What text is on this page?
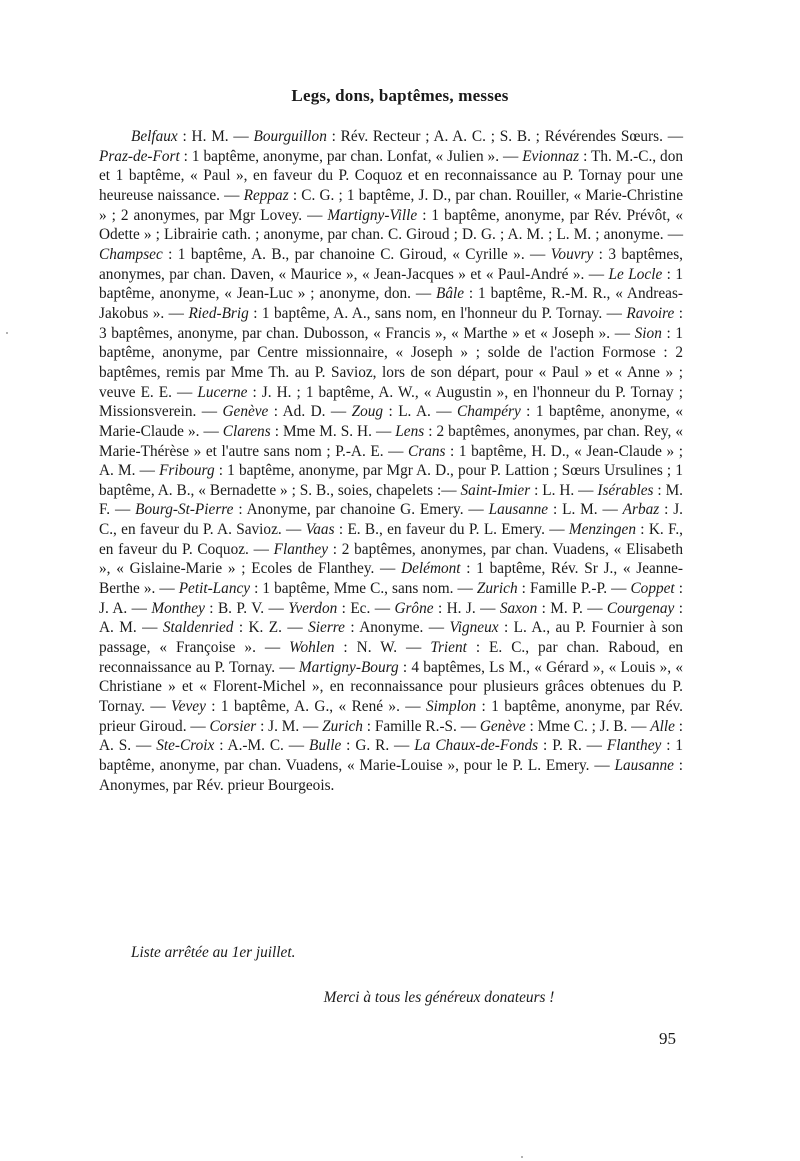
Legs, dons, baptêmes, messes

Belfaux : H. M. — Bourguillon : Rév. Recteur ; A. A. C. ; S. B. ; Révérendes Sœurs. — Praz-de-Fort : 1 baptême, anonyme, par chan. Lonfat, « Julien ». — Evionnaz : Th. M.-C., don et 1 baptême, « Paul », en faveur du P. Coquoz et en reconnaissance au P. Tornay pour une heureuse naissance. — Reppaz : C. G. ; 1 baptême, J. D., par chan. Rouiller, « Marie-Christine » ; 2 anonymes, par Mgr Lovey. — Martigny-Ville : 1 baptême, anonyme, par Rév. Prévôt, « Odette » ; Librairie cath. ; anonyme, par chan. C. Giroud ; D. G. ; A. M. ; L. M. ; anonyme. — Champsec : 1 baptême, A. B., par chanoine C. Giroud, « Cyrille ». — Vouvry : 3 baptêmes, anonymes, par chan. Daven, « Maurice », « Jean-Jacques » et « Paul-André ». — Le Locle : 1 baptême, anonyme, « Jean-Luc » ; anonyme, don. — Bâle : 1 baptême, R.-M. R., « Andreas-Jakobus ». — Ried-Brig : 1 baptême, A. A., sans nom, en l'honneur du P. Tornay. — Ravoire : 3 baptêmes, anonyme, par chan. Dubosson, « Francis », « Marthe » et « Joseph ». — Sion : 1 baptême, anonyme, par Centre missionnaire, « Joseph » ; solde de l'action Formose : 2 baptêmes, remis par Mme Th. au P. Savioz, lors de son départ, pour « Paul » et « Anne » ; veuve E. E. — Lucerne : J. H. ; 1 baptême, A. W., « Augustin », en l'honneur du P. Tornay ; Missionsverein. — Genève : Ad. D. — Zoug : L. A. — Champéry : 1 baptême, anonyme, « Marie-Claude ». — Clarens : Mme M. S. H. — Lens : 2 baptêmes, anonymes, par chan. Rey, « Marie-Thérèse » et l'autre sans nom ; P.-A. E. — Crans : 1 baptême, H. D., « Jean-Claude » ; A. M. — Fribourg : 1 baptême, anonyme, par Mgr A. D., pour P. Lattion ; Sœurs Ursulines ; 1 baptême, A. B., « Bernadette » ; S. B., soies, chapelets :— Saint-Imier : L. H. — Isérables : M. F. — Bourg-St-Pierre : Anonyme, par chanoine G. Emery. — Lausanne : L. M. — Arbaz : J. C., en faveur du P. A. Savioz. — Vaas : E. B., en faveur du P. L. Emery. — Menzingen : K. F., en faveur du P. Coquoz. — Flanthey : 2 baptêmes, anonymes, par chan. Vuadens, « Elisabeth », « Gislaine-Marie » ; Ecoles de Flanthey. — Delémont : 1 baptême, Rév. Sr J., « Jeanne-Berthe ». — Petit-Lancy : 1 baptême, Mme C., sans nom. — Zurich : Famille P.-P. — Coppet : J. A. — Monthey : B. P. V. — Yverdon : Ec. — Grône : H. J. — Saxon : M. P. — Courgenay : A. M. — Staldenried : K. Z. — Sierre : Anonyme. — Vigneux : L. A., au P. Fournier à son passage, « Françoise ». — Wohlen : N. W. — Trient : E. C., par chan. Raboud, en reconnaissance au P. Tornay. — Martigny-Bourg : 4 baptêmes, Ls M., « Gérard », « Louis », « Christiane » et « Florent-Michel », en reconnaissance pour plusieurs grâces obtenues du P. Tornay. — Vevey : 1 baptême, A. G., « René ». — Simplon : 1 baptême, anonyme, par Rév. prieur Giroud. — Corsier : J. M. — Zurich : Famille R.-S. — Genève : Mme C. ; J. B. — Alle : A. S. — Ste-Croix : A.-M. C. — Bulle : G. R. — La Chaux-de-Fonds : P. R. — Flanthey : 1 baptême, anonyme, par chan. Vuadens, « Marie-Louise », pour le P. L. Emery. — Lausanne : Anonymes, par Rév. prieur Bourgeois.

Liste arrêtée au 1er juillet.
Merci à tous les généreux donateurs !
95
